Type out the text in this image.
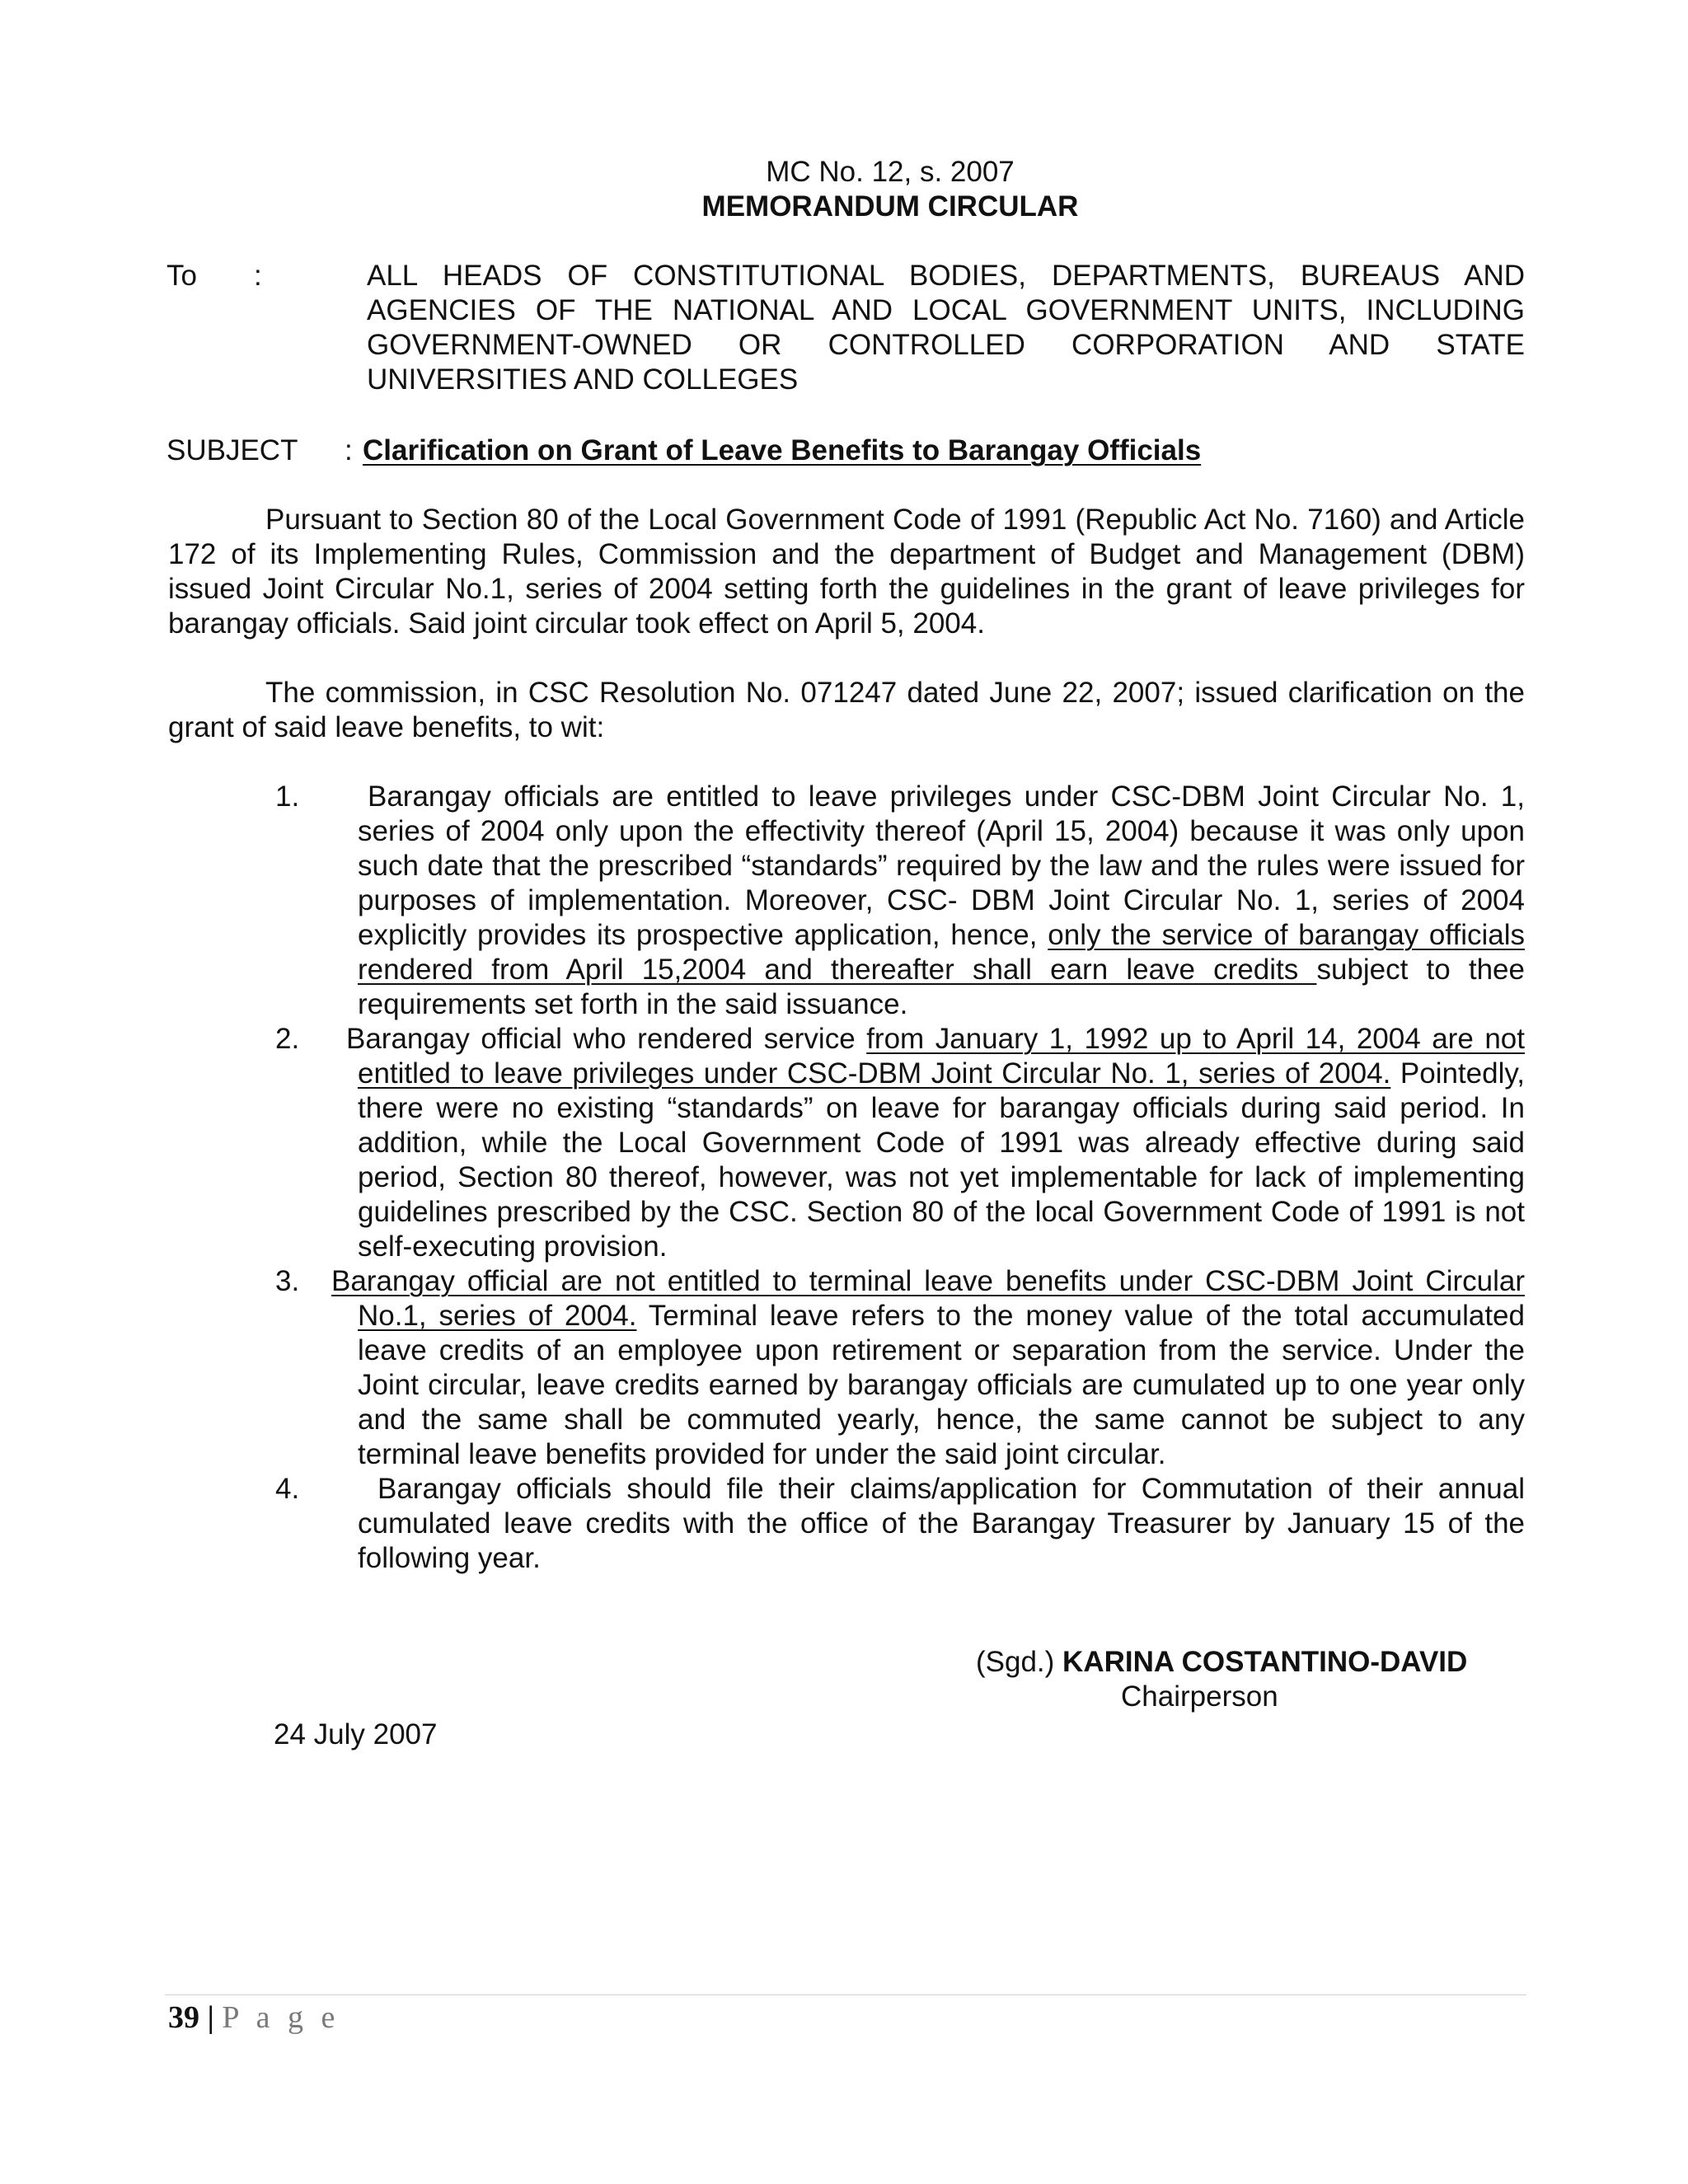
MC No. 12, s. 2007
MEMORANDUM CIRCULAR
To :	ALL HEADS OF CONSTITUTIONAL BODIES, DEPARTMENTS, BUREAUS AND
AGENCIES OF THE NATIONAL AND LOCAL GOVERNMENT UNITS, INCLUDING
GOVERNMENT-OWNED OR CONTROLLED CORPORATION AND STATE
UNIVERSITIES AND COLLEGES
SUBJECT : Clarification on Grant of Leave Benefits to Barangay Officials
Pursuant to Section 80 of the Local Government Code of 1991 (Republic Act No. 7160) and Article 172 of its Implementing Rules, Commission and the department of Budget and Management (DBM) issued Joint Circular No.1, series of 2004 setting forth the guidelines in the grant of leave privileges for barangay officials. Said joint circular took effect on April 5, 2004.
The commission, in CSC Resolution No. 071247 dated June 22, 2007; issued clarification on the grant of said leave benefits, to wit:
1.	Barangay officials are entitled to leave privileges under CSC-DBM Joint Circular No. 1, series of 2004 only upon the effectivity thereof (April 15, 2004) because it was only upon such date that the prescribed “standards” required by the law and the rules were issued for purposes of implementation. Moreover, CSC- DBM Joint Circular No. 1, series of 2004 explicitly provides its prospective application, hence, only the service of barangay officials rendered from April 15,2004 and thereafter shall earn leave credits subject to thee requirements set forth in the said issuance.
2. Barangay official who rendered service from January 1, 1992 up to April 14, 2004 are not entitled to leave privileges under CSC-DBM Joint Circular No. 1, series of 2004. Pointedly, there were no existing “standards” on leave for barangay officials during said period. In addition, while the Local Government Code of 1991 was already effective during said period, Section 80 thereof, however, was not yet implementable for lack of implementing guidelines prescribed by the CSC. Section 80 of the local Government Code of 1991 is not self-executing provision.
3. Barangay official are not entitled to terminal leave benefits under CSC-DBM Joint Circular No.1, series of 2004. Terminal leave refers to the money value of the total accumulated leave credits of an employee upon retirement or separation from the service. Under the Joint circular, leave credits earned by barangay officials are cumulated up to one year only and the same shall be commuted yearly, hence, the same cannot be subject to any terminal leave benefits provided for under the said joint circular.
4.	Barangay officials should file their claims/application for Commutation of their annual cumulated leave credits with the office of the Barangay Treasurer by January 15 of the following year.
(Sgd.) KARINA COSTANTINO-DAVID
Chairperson
24 July 2007
39 | P a g e
